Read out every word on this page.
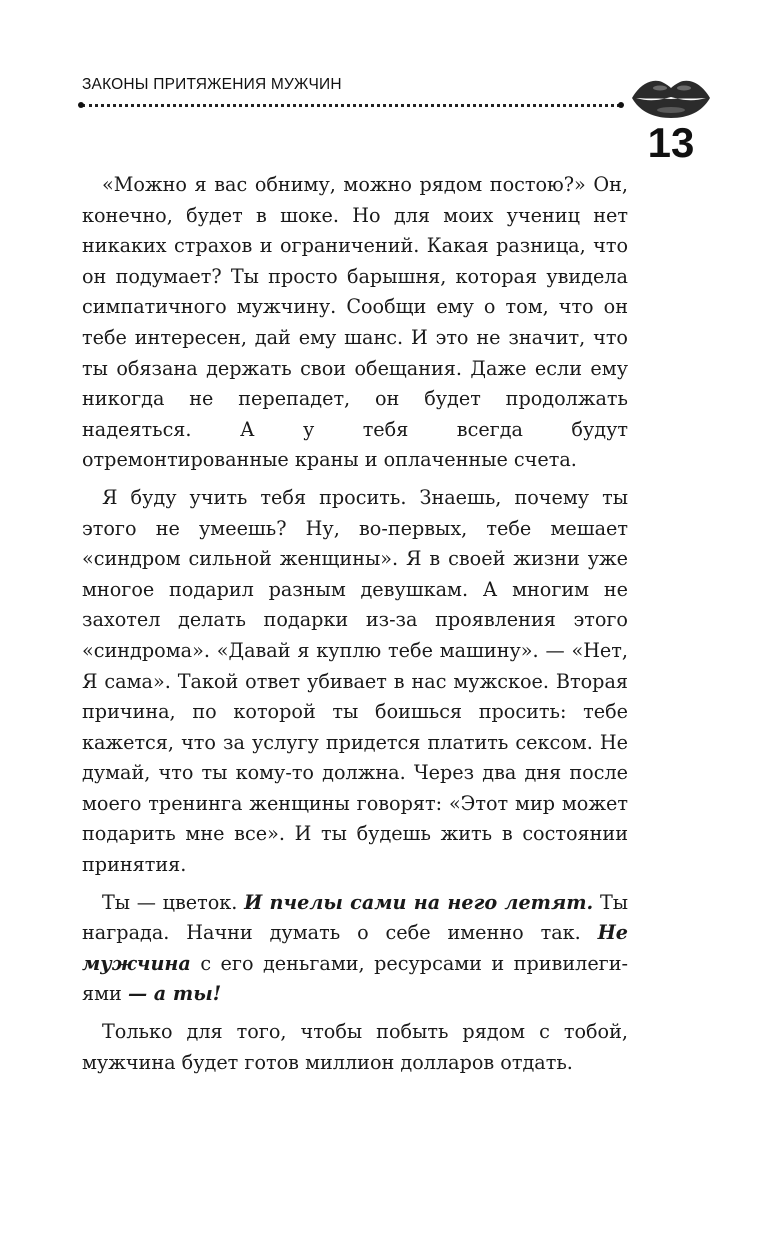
ЗАКОНЫ ПРИТЯЖЕНИЯ МУЖЧИН
13

«Можно я вас обниму, можно рядом постою?» Он, конечно, будет в шоке. Но для моих учениц нет никаких страхов и ограничений. Какая разница, что он подумает? Ты просто барышня, которая увидела симпатичного мужчину. Сообщи ему о том, что он тебе интересен, дай ему шанс. И это не значит, что ты обязана держать свои обещания. Даже если ему никогда не перепадет, он будет продолжать надеяться. А у тебя всегда будут отремонтированные краны и оплаченные счета.

Я буду учить тебя просить. Знаешь, почему ты этого не умеешь? Ну, во-первых, тебе мешает «синдром сильной женщины». Я в своей жизни уже многое подарил разным девушкам. А многим не захотел делать подарки из-за проявления этого «синдрома». «Давай я куплю тебе машину». — «Нет, Я сама». Такой ответ убивает в нас мужское. Вторая причина, по которой ты боишься просить: тебе кажется, что за услугу придется платить сексом. Не думай, что ты кому-то должна. Через два дня после моего тренинга женщины говорят: «Этот мир может подарить мне все». И ты будешь жить в состоянии принятия.

Ты — цветок. И пчелы сами на него летят. Ты награда. Начни думать о себе именно так. Не мужчина с его деньгами, ресурсами и привилегиями — а ты!

Только для того, чтобы побыть рядом с тобой, мужчина будет готов миллион долларов отдать.
